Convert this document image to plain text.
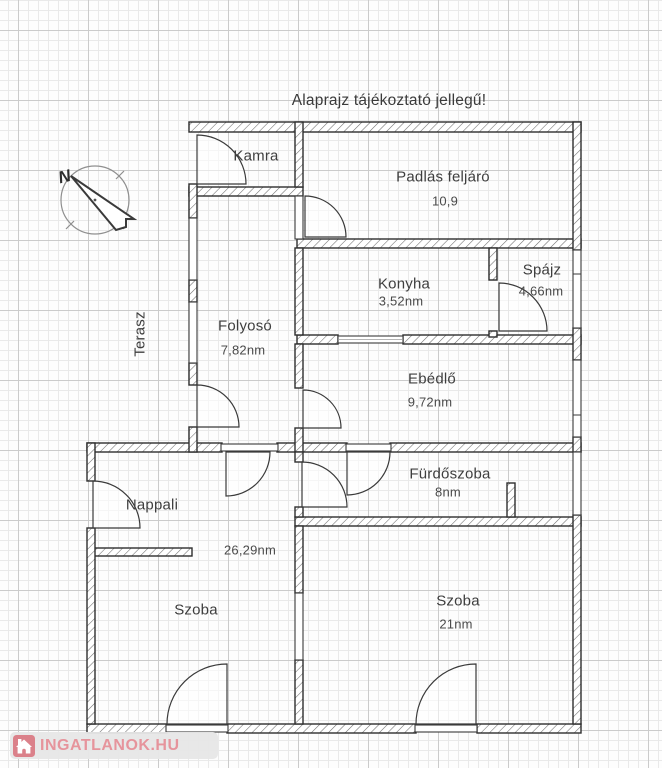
N
Alaprajz tájékoztató jellegű!
Kamra
Padlás feljáró
10,9
Konyha
3,52nm
Spájz
4,66nm
Folyosó
7,82nm
Ebédlő
9,72nm
Fürdőszoba
8nm
Nappali
26,29nm
Szoba
Szoba
21nm
Terasz
INGATLANOK.HU
